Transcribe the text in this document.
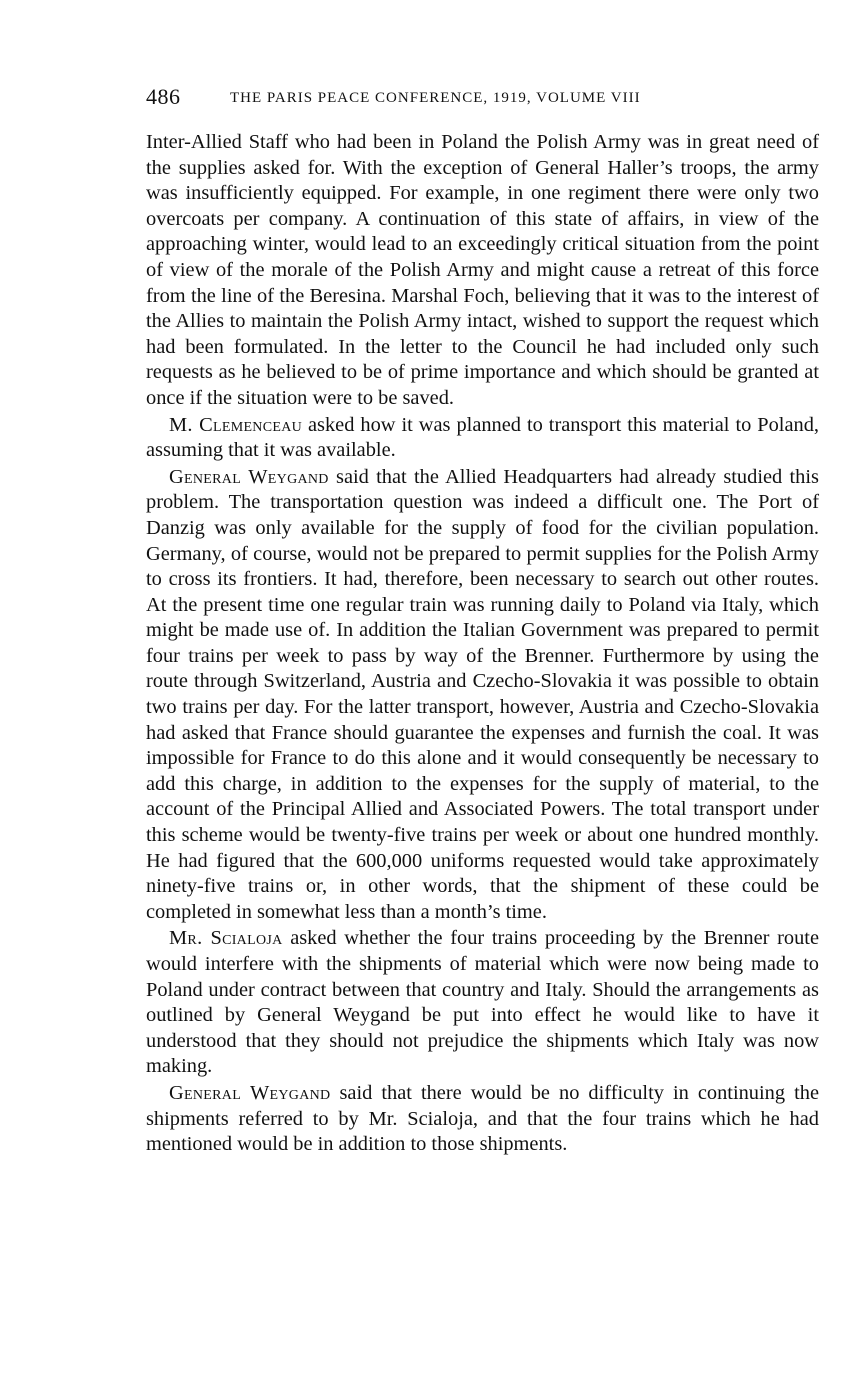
486	THE PARIS PEACE CONFERENCE, 1919, VOLUME VIII

Inter-Allied Staff who had been in Poland the Polish Army was in great need of the supplies asked for. With the exception of General Haller’s troops, the army was insufficiently equipped. For example, in one regiment there were only two overcoats per company. A continuation of this state of affairs, in view of the approaching winter, would lead to an exceedingly critical situation from the point of view of the morale of the Polish Army and might cause a retreat of this force from the line of the Beresina. Marshal Foch, believing that it was to the interest of the Allies to maintain the Polish Army intact, wished to support the request which had been formulated. In the letter to the Council he had included only such requests as he believed to be of prime importance and which should be granted at once if the situation were to be saved.

M. Clemenceau asked how it was planned to transport this material to Poland, assuming that it was available.

General Weygand said that the Allied Headquarters had already studied this problem. The transportation question was indeed a difficult one. The Port of Danzig was only available for the supply of food for the civilian population. Germany, of course, would not be prepared to permit supplies for the Polish Army to cross its frontiers. It had, therefore, been necessary to search out other routes. At the present time one regular train was running daily to Poland via Italy, which might be made use of. In addition the Italian Government was prepared to permit four trains per week to pass by way of the Brenner. Furthermore by using the route through Switzerland, Austria and Czecho-Slovakia it was possible to obtain two trains per day. For the latter transport, however, Austria and Czecho-Slovakia had asked that France should guarantee the expenses and furnish the coal. It was impossible for France to do this alone and it would consequently be necessary to add this charge, in addition to the expenses for the supply of material, to the account of the Principal Allied and Associated Powers. The total transport under this scheme would be twenty-five trains per week or about one hundred monthly. He had figured that the 600,000 uniforms requested would take approximately ninety-five trains or, in other words, that the shipment of these could be completed in somewhat less than a month’s time.

Mr. Scialoja asked whether the four trains proceeding by the Brenner route would interfere with the shipments of material which were now being made to Poland under contract between that country and Italy. Should the arrangements as outlined by General Weygand be put into effect he would like to have it understood that they should not prejudice the shipments which Italy was now making.

General Weygand said that there would be no difficulty in continuing the shipments referred to by Mr. Scialoja, and that the four trains which he had mentioned would be in addition to those shipments.
